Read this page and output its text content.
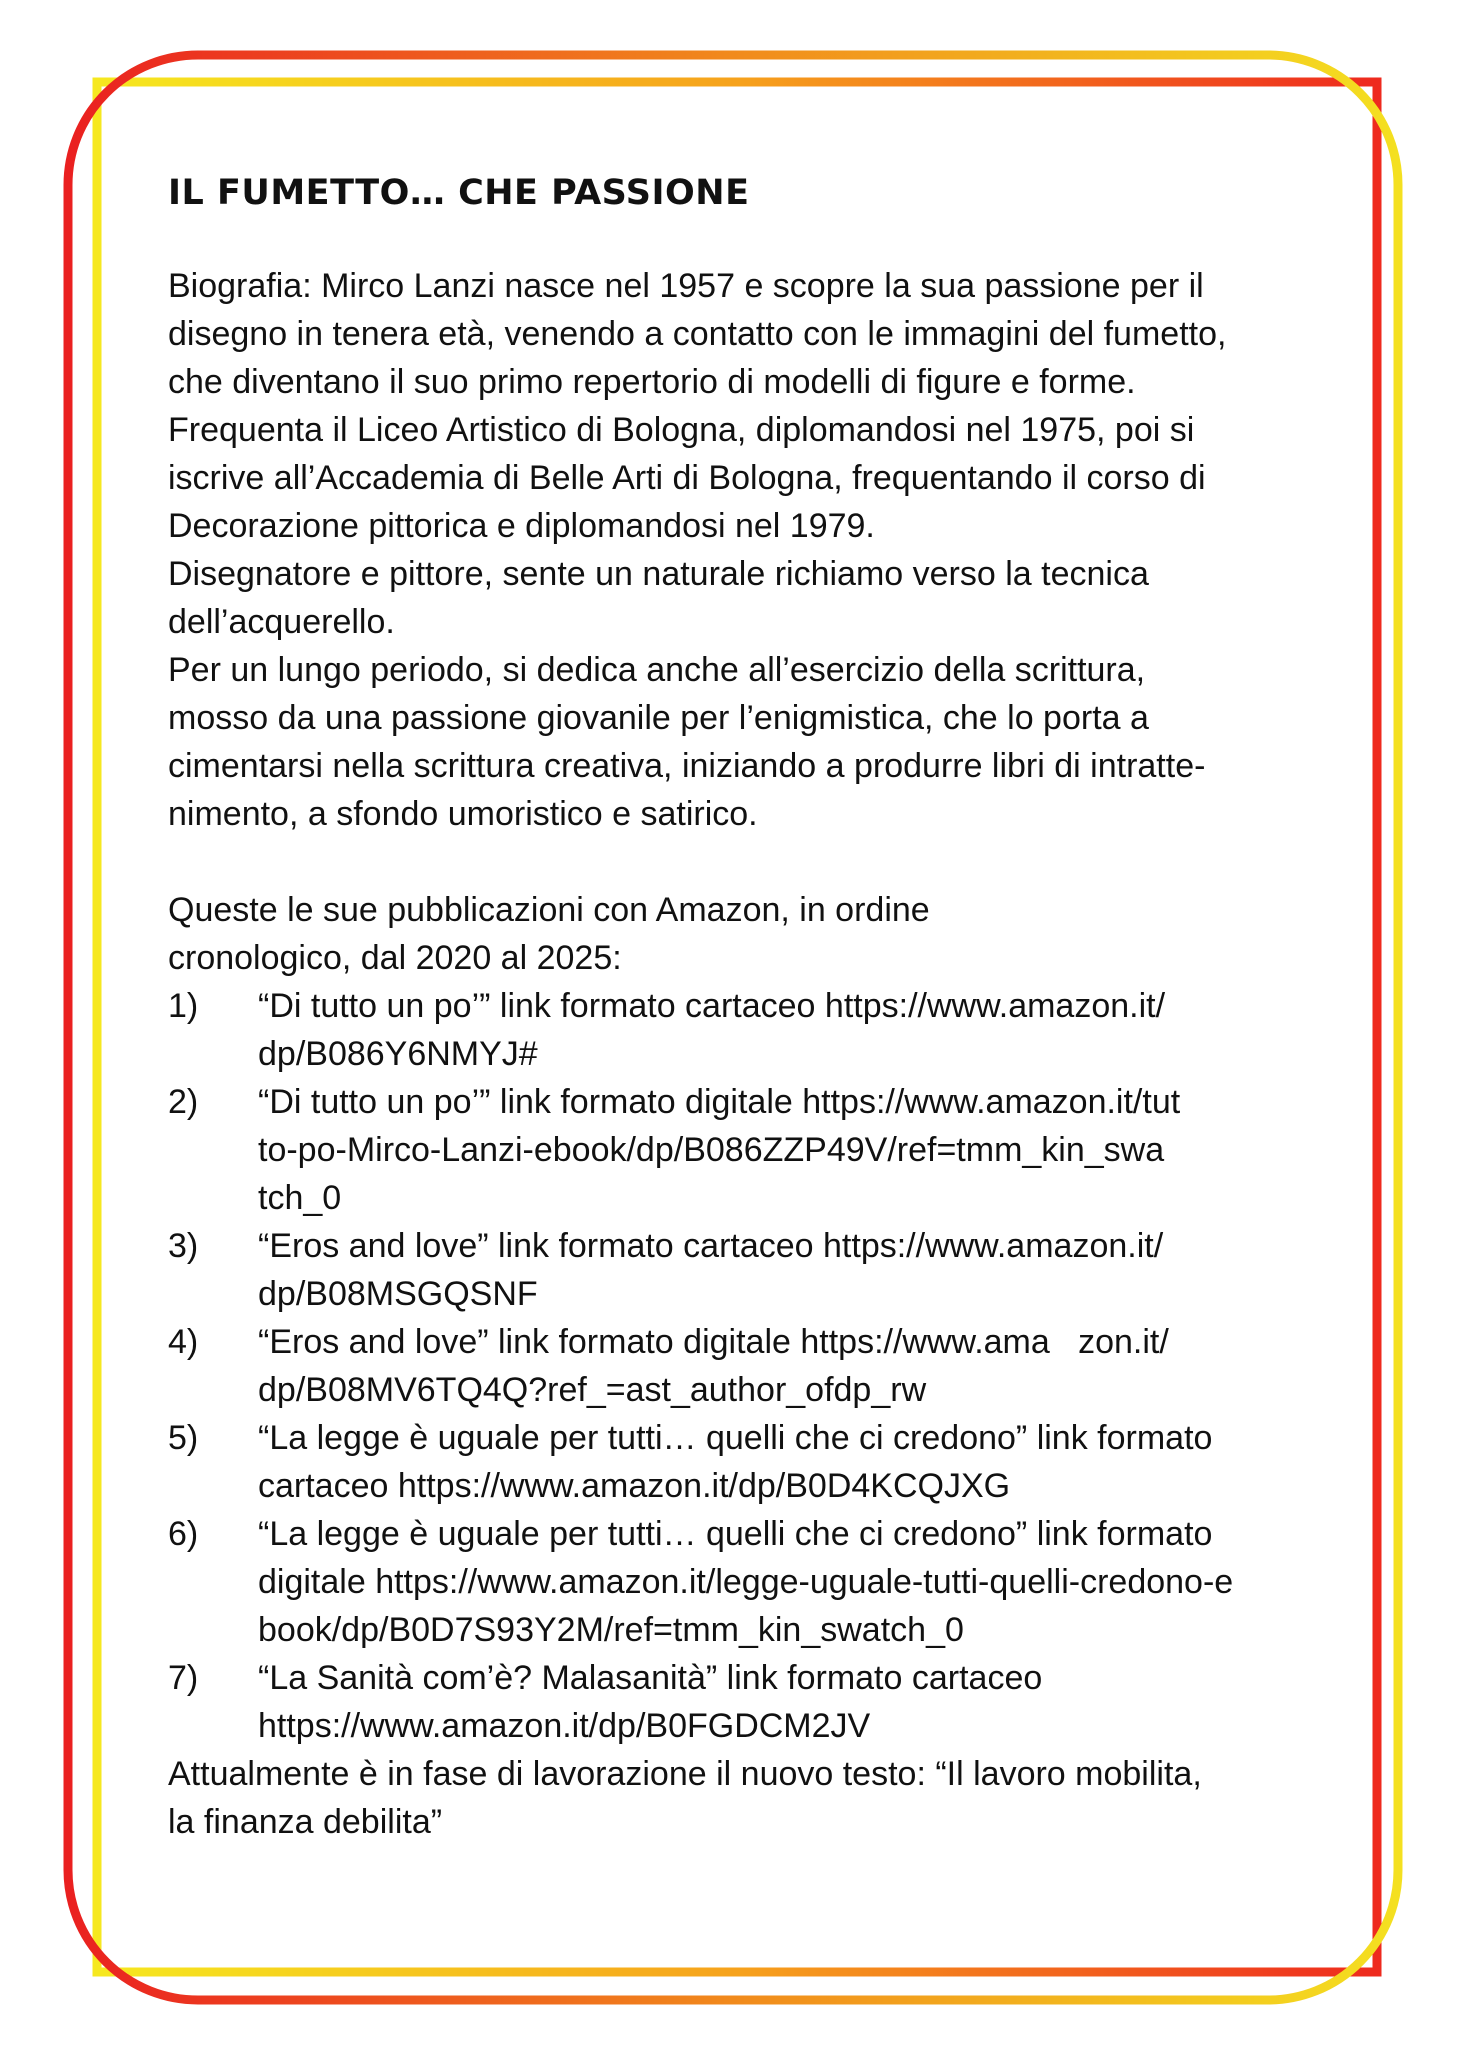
IL FUMETTO… CHE PASSIONE

Biografia: Mirco Lanzi nasce nel 1957 e scopre la sua passione per il

disegno in tenera età, venendo a contatto con le immagini del fumetto,

che diventano il suo primo repertorio di modelli di figure e forme.

Frequenta il Liceo Artistico di Bologna, diplomandosi nel 1975, poi si

iscrive all’Accademia di Belle Arti di Bologna, frequentando il corso di

Decorazione pittorica e diplomandosi nel 1979.

Disegnatore e pittore, sente un naturale richiamo verso la tecnica

dell’acquerello.

Per un lungo periodo, si dedica anche all’esercizio della scrittura,

mosso da una passione giovanile per l’enigmistica, che lo porta a

cimentarsi nella scrittura creativa, iniziando a produrre libri di intratte-

nimento, a sfondo umoristico e satirico.

Queste le sue pubblicazioni con Amazon, in ordine

cronologico, dal 2020 al 2025:

1) “Di tutto un po’” link formato cartaceo https://www.amazon.it/
dp/B086Y6NMYJ#
2) “Di tutto un po’” link formato digitale https://www.amazon.it/tut
to-po-Mirco-Lanzi-ebook/dp/B086ZZP49V/ref=tmm_kin_swa
tch_0
3) “Eros and love” link formato cartaceo https://www.amazon.it/
dp/B08MSGQSNF
4) “Eros and love” link formato digitale https://www.ama   zon.it/
dp/B08MV6TQ4Q?ref_=ast_author_ofdp_rw
5) “La legge è uguale per tutti… quelli che ci credono” link formato
cartaceo https://www.amazon.it/dp/B0D4KCQJXG
6) “La legge è uguale per tutti… quelli che ci credono” link formato
digitale https://www.amazon.it/legge-uguale-tutti-quelli-credono-e
book/dp/B0D7S93Y2M/ref=tmm_kin_swatch_0
7) “La Sanità com’è? Malasanità” link formato cartaceo
https://www.amazon.it/dp/B0FGDCM2JV

Attualmente è in fase di lavorazione il nuovo testo: “Il lavoro mobilita,

la finanza debilita”
